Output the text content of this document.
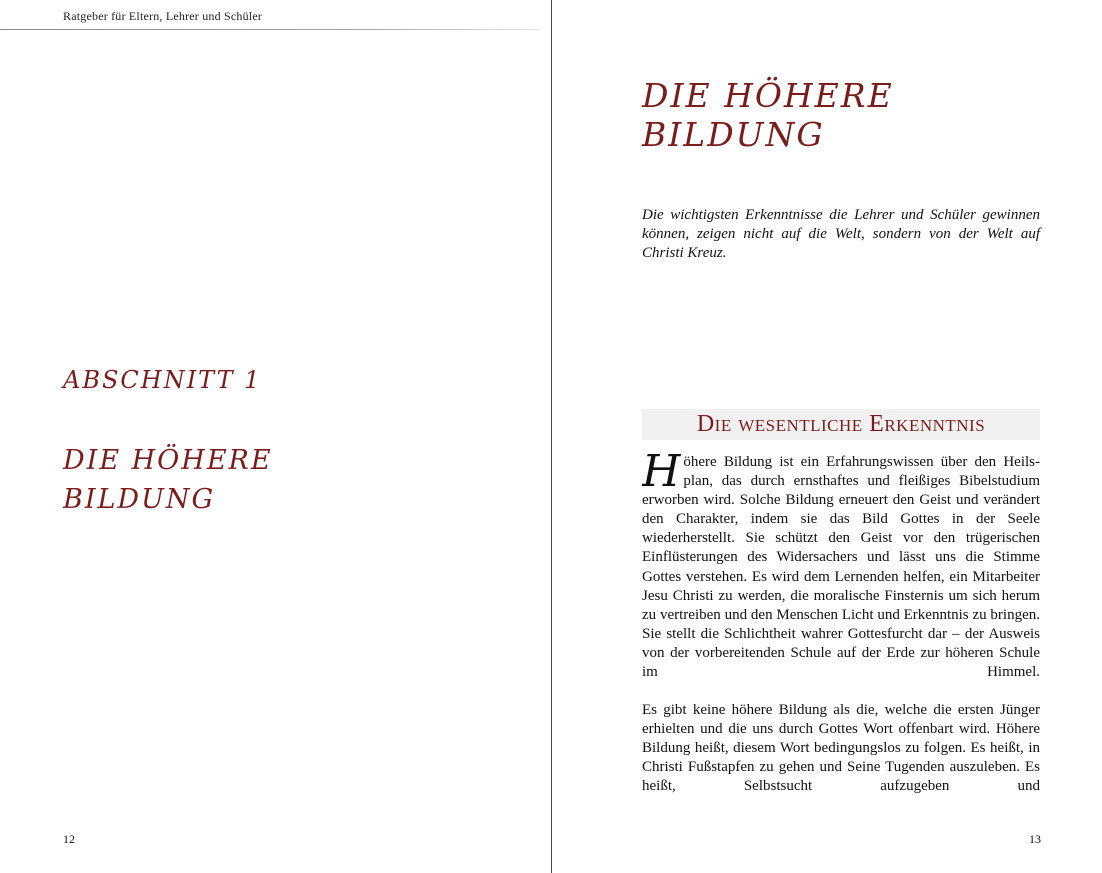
Ratgeber für Eltern, Lehrer und Schüler
ABSCHNITT 1
DIE HÖHERE
BILDUNG
12
DIE HÖHERE
BILDUNG

Die wichtigsten Erkenntnisse die Lehrer und Schüler gewinnen können, zeigen nicht auf die Welt, sondern von der Welt auf Christi Kreuz.

Die wesentliche Erkenntnis

Höhere Bildung ist ein Erfahrungswissen über den Heilsplan, das durch ernsthaftes und fleißiges Bibelstudium erworben wird. Solche Bildung erneuert den Geist und verändert den Charakter, indem sie das Bild Gottes in der Seele wiederherstellt. Sie schützt den Geist vor den trügerischen Einflüsterungen des Widersachers und lässt uns die Stimme Gottes verstehen. Es wird dem Lernenden helfen, ein Mitarbeiter Jesu Christi zu werden, die moralische Finsternis um sich herum zu vertreiben und den Menschen Licht und Erkenntnis zu bringen. Sie stellt die Schlichtheit wahrer Gottesfurcht dar – der Ausweis von der vorbereitenden Schule auf der Erde zur höheren Schule im Himmel.

Es gibt keine höhere Bildung als die, welche die ersten Jünger erhielten und die uns durch Gottes Wort offenbart wird. Höhere Bildung heißt, diesem Wort bedingungslos zu folgen. Es heißt, in Christi Fußstapfen zu gehen und Seine Tugenden auszuleben. Es heißt, Selbstsucht aufzugeben und

13
